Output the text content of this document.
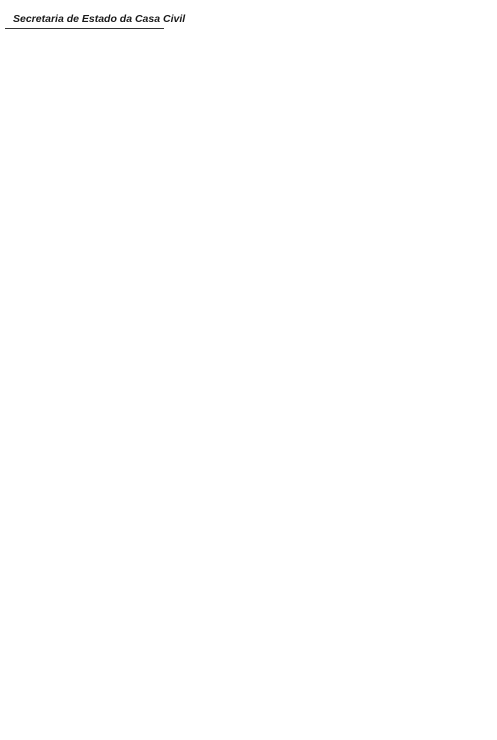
Secretaria de Estado da Casa Civil
